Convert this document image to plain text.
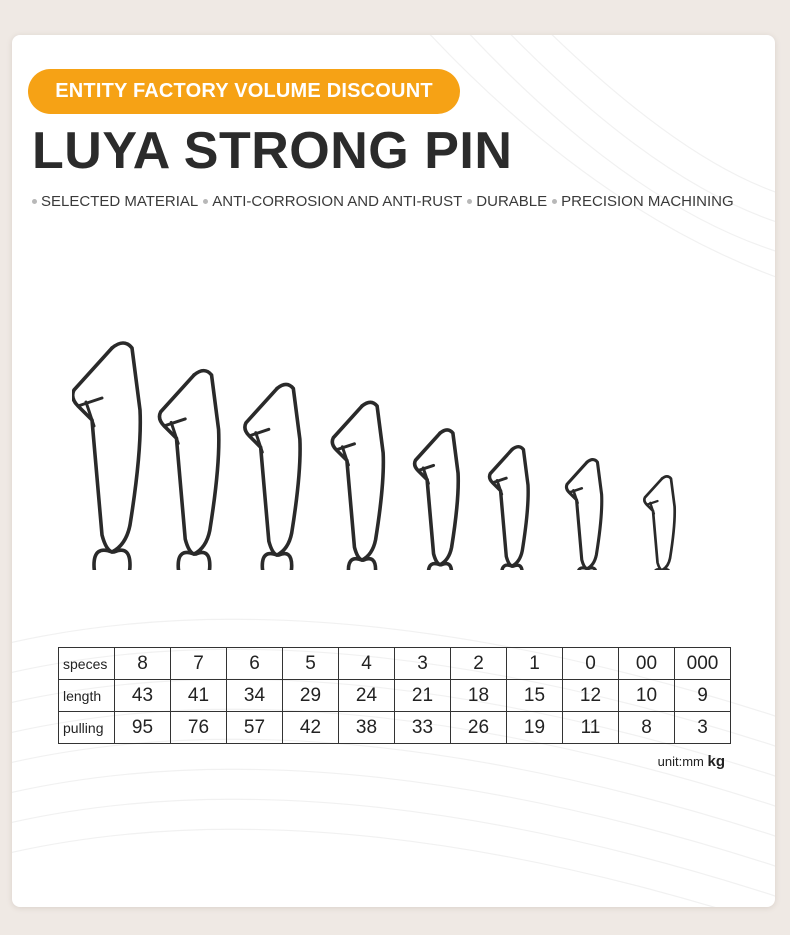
ENTITY FACTORY VOLUME DISCOUNT
LUYA STRONG PIN
SELECTED MATERIAL ANTI-CORROSION AND ANTI-RUST DURABLE PRECISION MACHINING
speces	8	7	6	5	4	3	2	1	0	00	000
length	43	41	34	29	24	21	18	15	12	10	9
pulling	95	76	57	42	38	33	26	19	11	8	3
unit:mm kg
